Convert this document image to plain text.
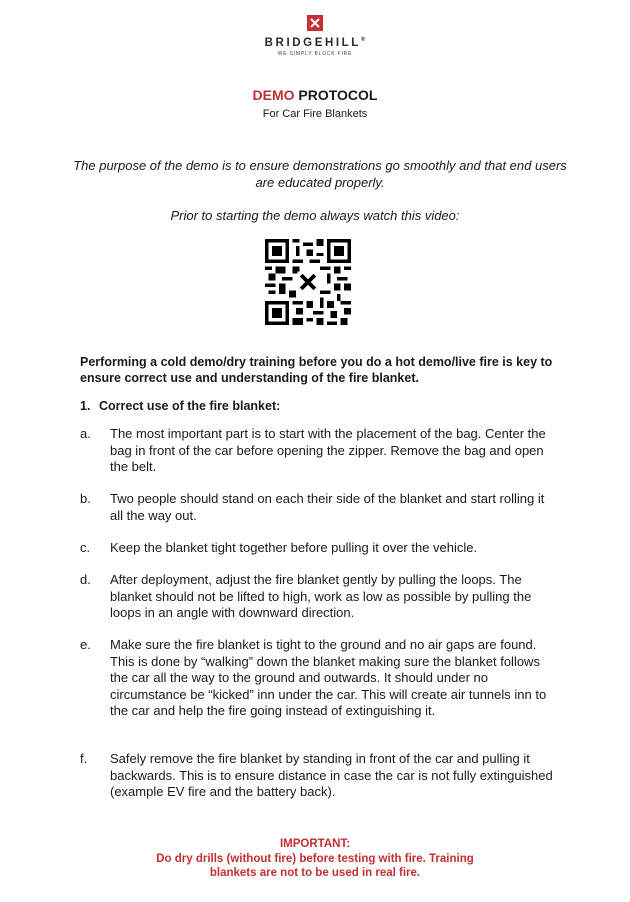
BRIDGEHILL®
WE SIMPLY BLOCK FIRE
DEMO PROTOCOL
For Car Fire Blankets
The purpose of the demo is to ensure demonstrations go smoothly and that end users are educated properly.
Prior to starting the demo always watch this video:
Performing a cold demo/dry training before you do a hot demo/live fire is key to ensure correct use and understanding of the fire blanket.
1. Correct use of the fire blanket:
a. The most important part is to start with the placement of the bag. Center the bag in front of the car before opening the zipper. Remove the bag and open the belt.
b. Two people should stand on each their side of the blanket and start rolling it all the way out.
c. Keep the blanket tight together before pulling it over the vehicle.
d. After deployment, adjust the fire blanket gently by pulling the loops. The blanket should not be lifted to high, work as low as possible by pulling the loops in an angle with downward direction.
e. Make sure the fire blanket is tight to the ground and no air gaps are found. This is done by “walking” down the blanket making sure the blanket follows the car all the way to the ground and outwards. It should under no circumstance be “kicked” inn under the car. This will create air tunnels inn to the car and help the fire going instead of extinguishing it.
f. Safely remove the fire blanket by standing in front of the car and pulling it backwards. This is to ensure distance in case the car is not fully extinguished (example EV fire and the battery back).
IMPORTANT:
Do dry drills (without fire) before testing with fire. Training
blankets are not to be used in real fire.
